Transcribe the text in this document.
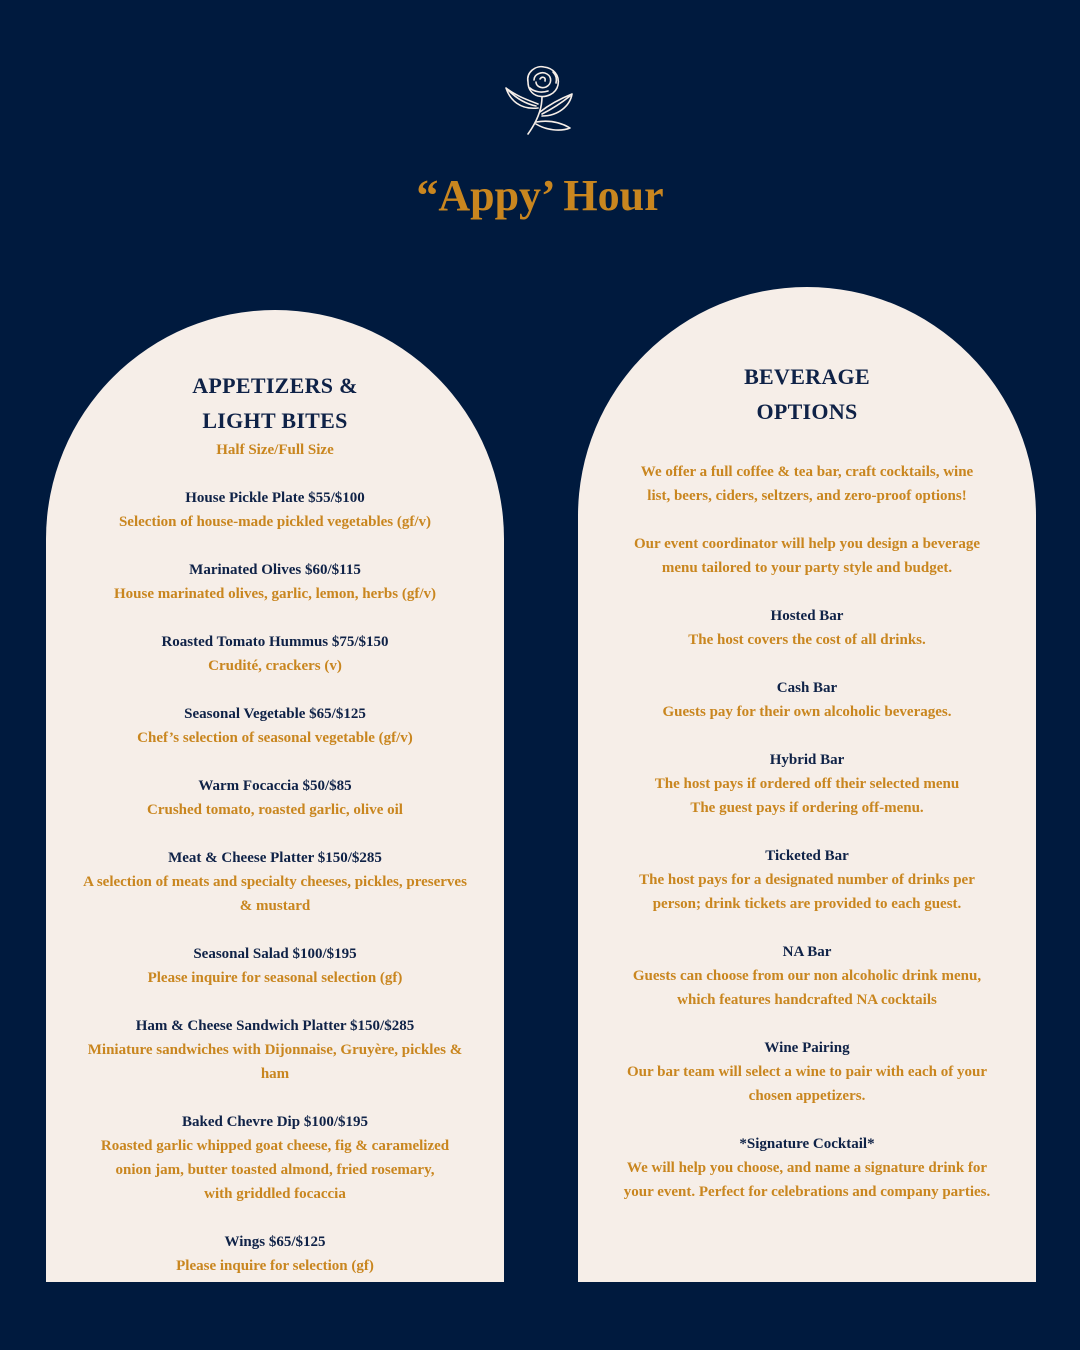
“Appy’ Hour
APPETIZERS &
LIGHT BITES
Half Size/Full Size
House Pickle Plate $55/$100
Selection of house-made pickled vegetables (gf/v)
Marinated Olives $60/$115
House marinated olives, garlic, lemon, herbs (gf/v)
Roasted Tomato Hummus $75/$150
Crudité, crackers (v)
Seasonal Vegetable $65/$125
Chef’s selection of seasonal vegetable (gf/v)
Warm Focaccia $50/$85
Crushed tomato, roasted garlic, olive oil
Meat & Cheese Platter $150/$285
A selection of meats and specialty cheeses, pickles, preserves & mustard
Seasonal Salad $100/$195
Please inquire for seasonal selection (gf)
Ham & Cheese Sandwich Platter $150/$285
Miniature sandwiches with Dijonnaise, Gruyère, pickles & ham
Baked Chevre Dip $100/$195
Roasted garlic whipped goat cheese, fig & caramelized
onion jam, butter toasted almond, fried rosemary,
with griddled focaccia
Wings $65/$125
Please inquire for selection (gf)
BEVERAGE
OPTIONS
We offer a full coffee & tea bar, craft cocktails, wine list, beers, ciders, seltzers, and zero-proof options!
Our event coordinator will help you design a beverage menu tailored to your party style and budget.
Hosted Bar
The host covers the cost of all drinks.
Cash Bar
Guests pay for their own alcoholic beverages.
Hybrid Bar
The host pays if ordered off their selected menu
The guest pays if ordering off-menu.
Ticketed Bar
The host pays for a designated number of drinks per person; drink tickets are provided to each guest.
NA Bar
Guests can choose from our non alcoholic drink menu, which features handcrafted NA cocktails
Wine Pairing
Our bar team will select a wine to pair with each of your chosen appetizers.
*Signature Cocktail*
We will help you choose, and name a signature drink for your event. Perfect for celebrations and company parties.
